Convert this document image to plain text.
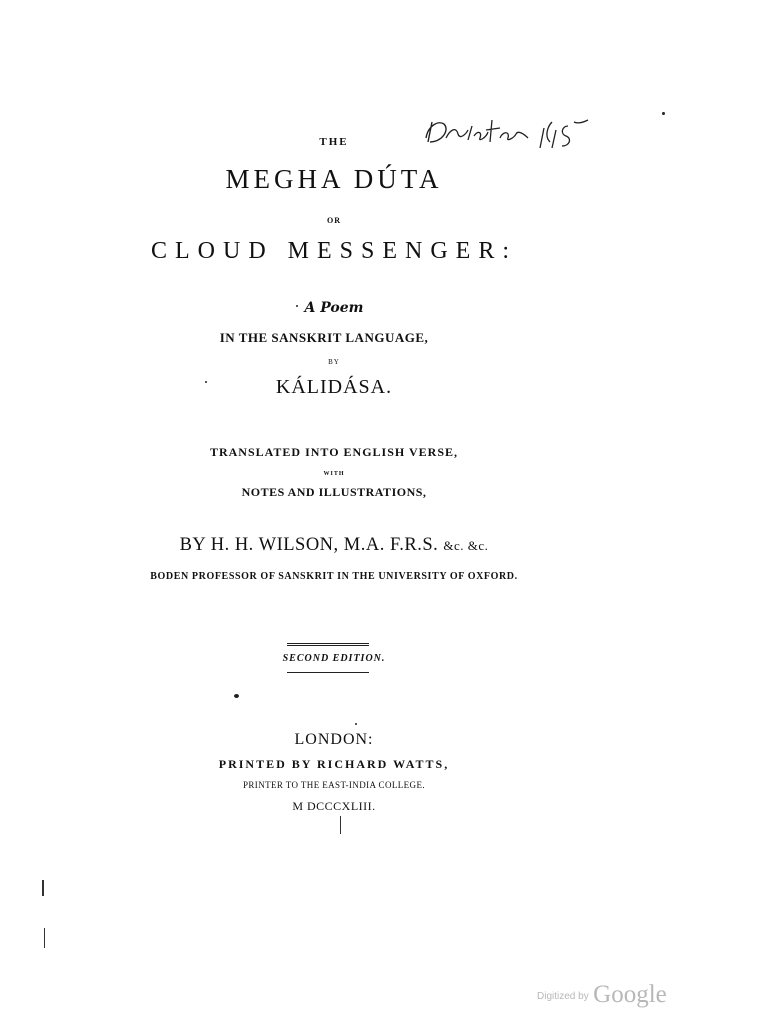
THE
MEGHA DÚTA
OR
CLOUD MESSENGER:
A Poem
IN THE SANSKRIT LANGUAGE,
BY
KÁLIDÁSA.
TRANSLATED INTO ENGLISH VERSE,
WITH
NOTES AND ILLUSTRATIONS,
BY H. H. WILSON, M.A. F.R.S. &c. &c.
BODEN PROFESSOR OF SANSKRIT IN THE UNIVERSITY OF OXFORD.
SECOND EDITION.
LONDON:
PRINTED BY RICHARD WATTS,
PRINTER TO THE EAST-INDIA COLLEGE.
M DCCCXLIII.
Digitized by Google
